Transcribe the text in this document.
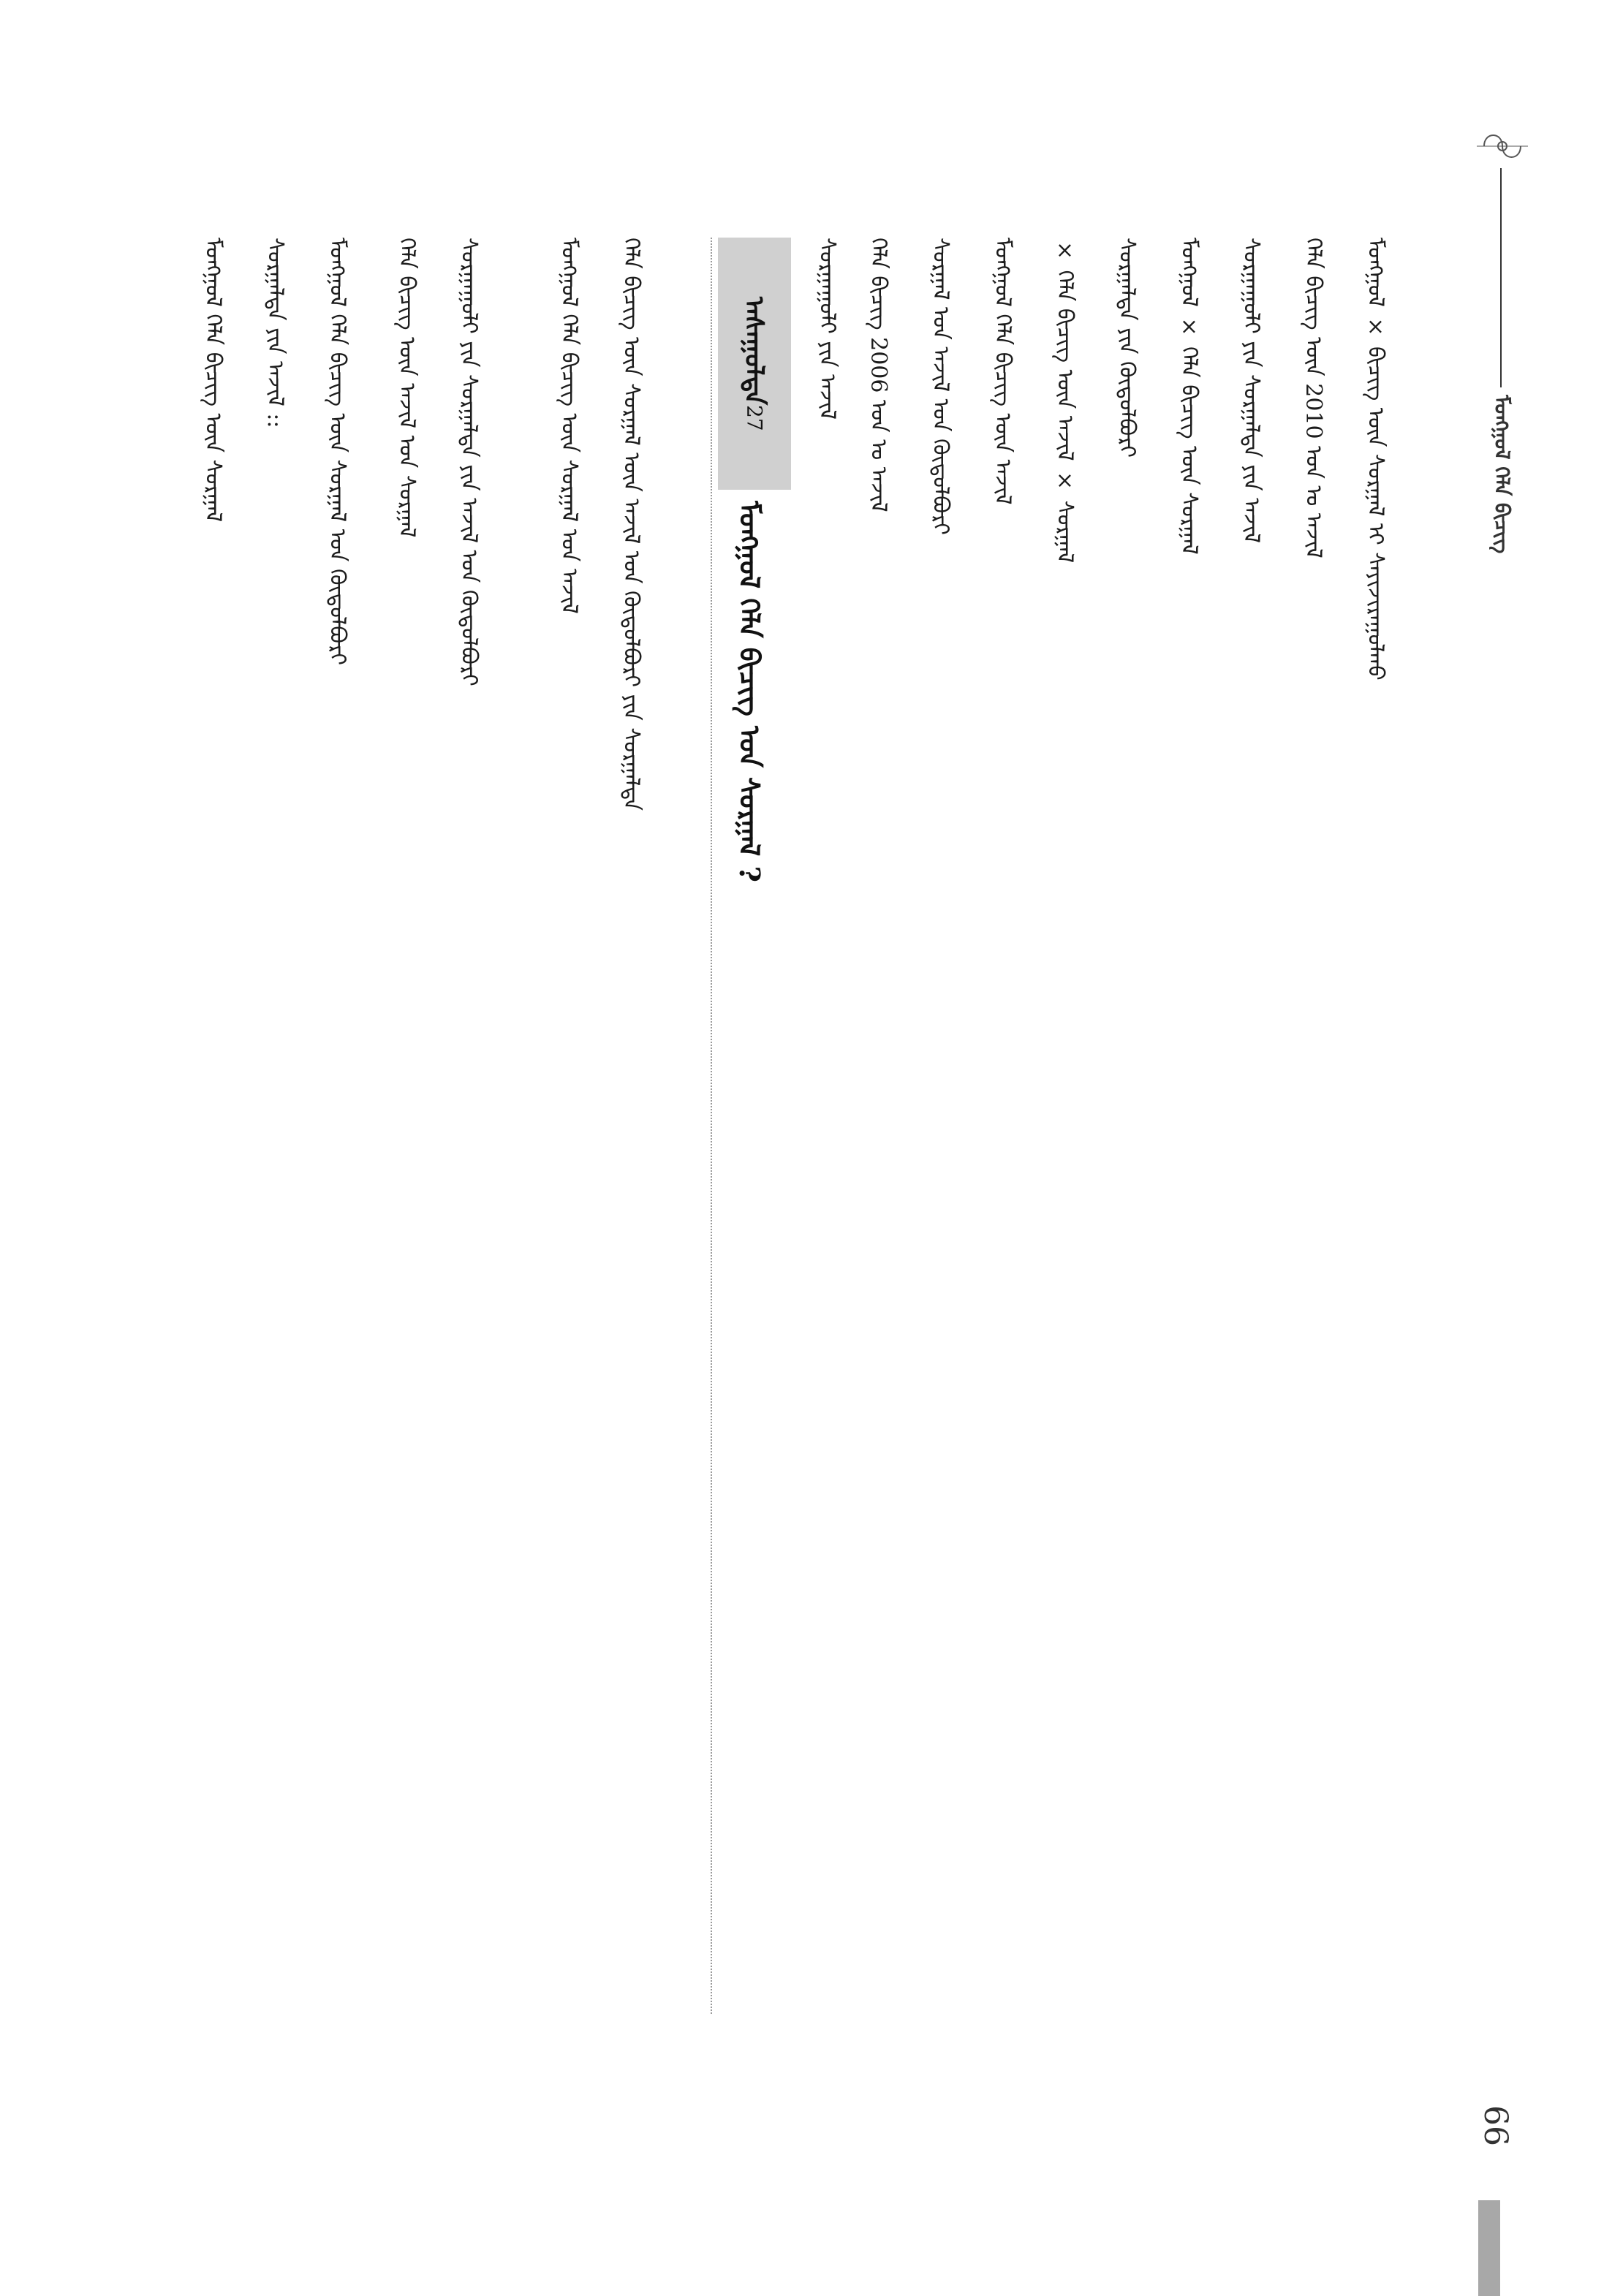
ᠮᠣᠩᠭᠣᠯ ᠬᠡᠯᠡ ᠪᠢᠴᠢᠭ
ᠠᠰᠠᠭᠤᠯᠲᠠ
27
ᠮᠣᠩᠭᠣᠯ ᠬᠡᠯᠡ ᠪᠢᠴᠢᠭ ᠤᠨ ᠰᠤᠷᠭᠠᠯ ?
ᠮᠣᠩᠭᠣᠯ × ᠪᠢᠴᠢᠭ ᠦᠨ ᠰᠤᠷᠭᠠᠯ ᠢ ᠰᠠᠶᠢᠵᠢᠷᠠᠭᠤᠯᠬᠤ
ᠬᠡᠯᠡ ᠪᠢᠴᠢᠭ ᠦᠨ 2010 ᠣᠨ ᠤ ᠠᠵᠢᠯ
ᠰᠤᠷᠭᠠᠭᠤᠯᠢ ᠶᠢᠨ ᠰᠤᠷᠭᠠᠯᠲᠠ ᠶᠢᠨ ᠠᠵᠢᠯ
ᠮᠣᠩᠭᠣᠯ × ᠬᠡᠯᠡ ᠪᠢᠴᠢᠭ ᠦᠨ ᠰᠤᠷᠭᠠᠯ
ᠰᠤᠷᠭᠠᠯᠲᠠ ᠶᠢᠨ ᠬᠥᠲᠦᠯᠪᠦᠷᠢ
× ᠬᠡᠯᠡ ᠪᠢᠴᠢᠭ ᠦᠨ ᠠᠵᠢᠯ × ᠰᠤᠷᠭᠠᠯ
ᠮᠣᠩᠭᠣᠯ ᠬᠡᠯᠡ ᠪᠢᠴᠢᠭ ᠦᠨ ᠠᠵᠢᠯ
ᠰᠤᠷᠭᠠᠯ ᠤᠨ ᠠᠵᠢᠯ ᠤᠨ ᠬᠥᠲᠦᠯᠪᠦᠷᠢ
ᠬᠡᠯᠡ ᠪᠢᠴᠢᠭ 2006 ᠣᠨ ᠤ ᠠᠵᠢᠯ
ᠰᠤᠷᠭᠠᠭᠤᠯᠢ ᠶᠢᠨ ᠠᠵᠢᠯ
ᠬᠡᠯᠡ ᠪᠢᠴᠢᠭ ᠦᠨ ᠰᠤᠷᠭᠠᠯ ᠦᠨ ᠠᠵᠢᠯ ᠤᠨ ᠬᠥᠲᠦᠯᠪᠦᠷᠢ ᠶᠢᠨ ᠰᠤᠷᠭᠠᠯᠲᠠ
ᠮᠣᠩᠭᠣᠯ ᠬᠡᠯᠡ ᠪᠢᠴᠢᠭ ᠦᠨ ᠰᠤᠷᠭᠠᠯ ᠤᠨ ᠠᠵᠢᠯ
ᠰᠤᠷᠭᠠᠭᠤᠯᠢ ᠶᠢᠨ ᠰᠤᠷᠭᠠᠯᠲᠠ ᠶᠢᠨ ᠠᠵᠢᠯ ᠤᠨ ᠬᠥᠲᠦᠯᠪᠦᠷᠢ
ᠬᠡᠯᠡ ᠪᠢᠴᠢᠭ ᠦᠨ ᠠᠵᠢᠯ ᠤᠨ ᠰᠤᠷᠭᠠᠯ
ᠮᠣᠩᠭᠣᠯ ᠬᠡᠯᠡ ᠪᠢᠴᠢᠭ ᠦᠨ ᠰᠤᠷᠭᠠᠯ ᠤᠨ ᠬᠥᠲᠦᠯᠪᠦᠷᠢ
ᠰᠤᠷᠭᠠᠯᠲᠠ ᠶᠢᠨ ᠠᠵᠢᠯ ::
ᠮᠣᠩᠭᠣᠯ ᠬᠡᠯᠡ ᠪᠢᠴᠢᠭ ᠦᠨ ᠰᠤᠷᠭᠠᠯ
66
